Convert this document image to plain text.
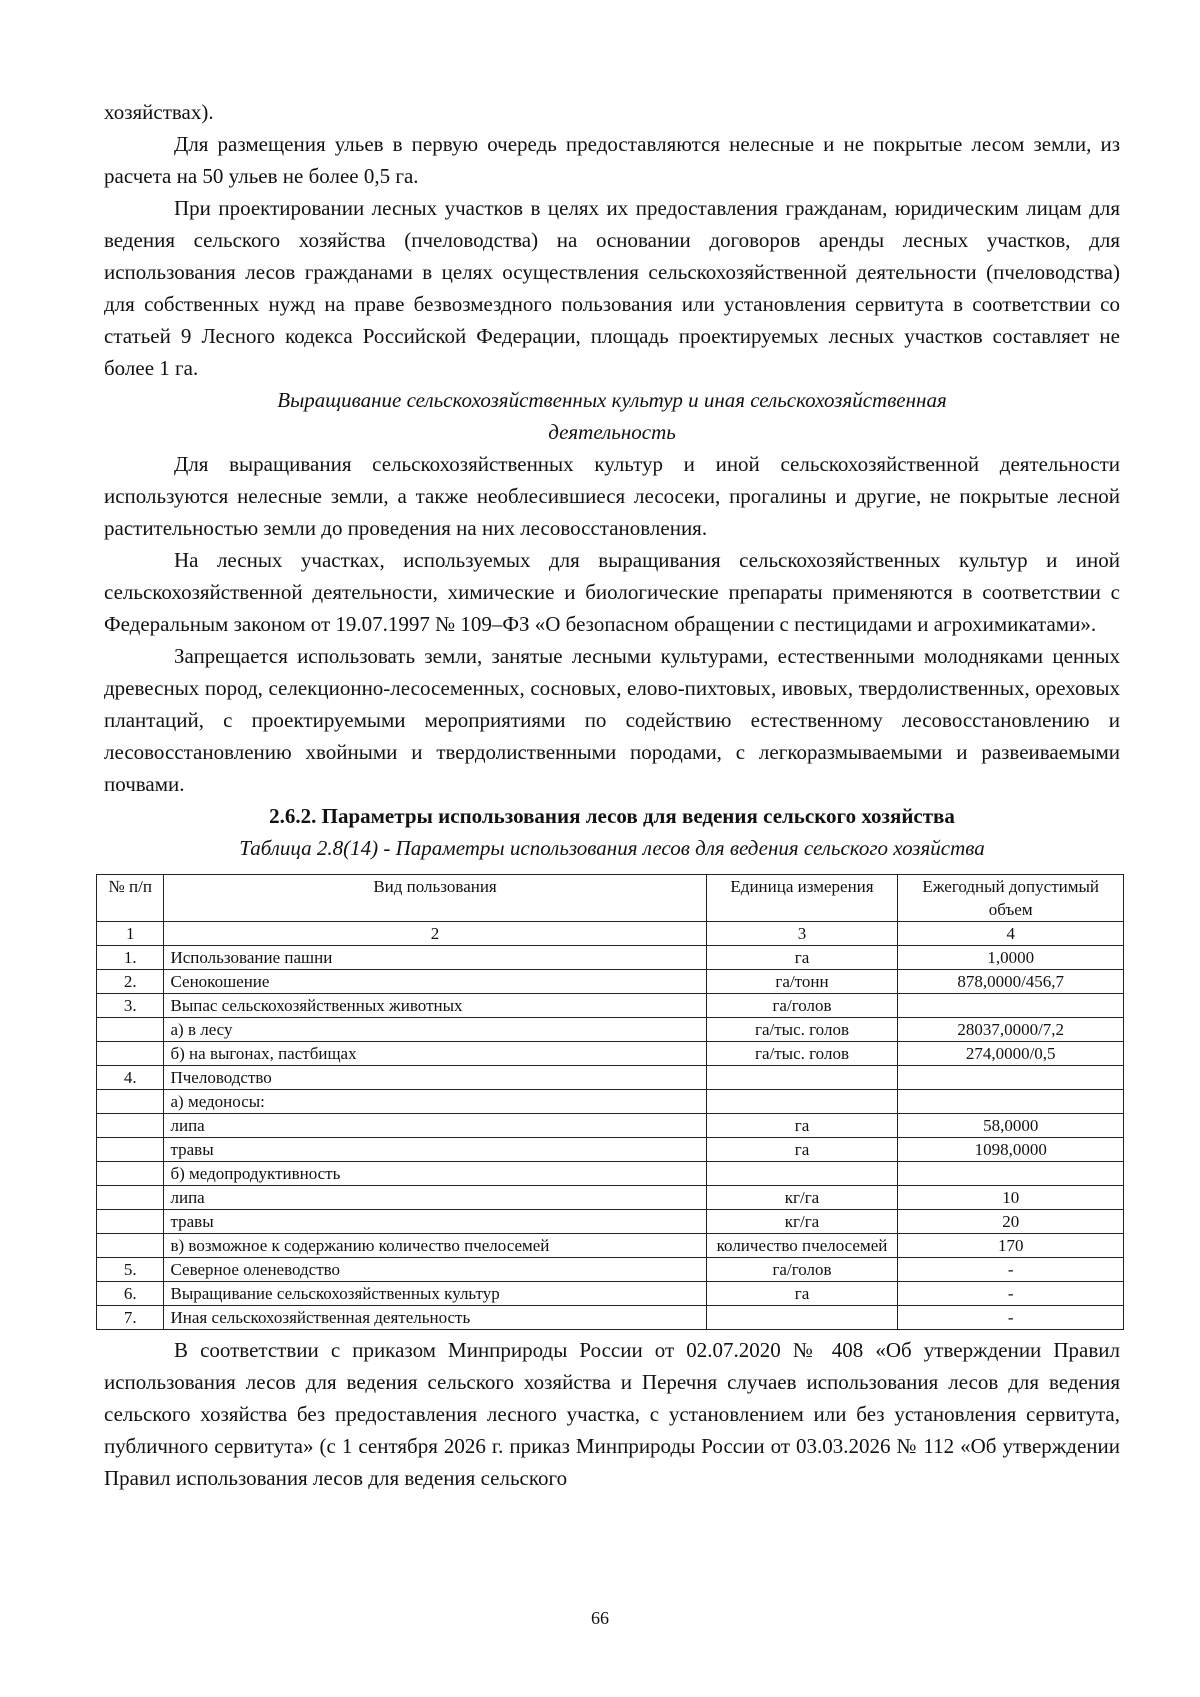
хозяйствах).

Для размещения ульев в первую очередь предоставляются нелесные и не покрытые лесом земли, из расчета на 50 ульев не более 0,5 га.

При проектировании лесных участков в целях их предоставления гражданам, юридическим лицам для ведения сельского хозяйства (пчеловодства) на основании договоров аренды лесных участков, для использования лесов гражданами в целях осуществления сельскохозяйственной деятельности (пчеловодства) для собственных нужд на праве безвозмездного пользования или установления сервитута в соответствии со статьей 9 Лесного кодекса Российской Федерации, площадь проектируемых лесных участков составляет не более 1 га.

Выращивание сельскохозяйственных культур и иная сельскохозяйственная

деятельность

Для выращивания сельскохозяйственных культур и иной сельскохозяйственной деятельности используются нелесные земли, а также необлесившиеся лесосеки, прогалины и другие, не покрытые лесной растительностью земли до проведения на них лесовосстановления.

На лесных участках, используемых для выращивания сельскохозяйственных культур и иной сельскохозяйственной деятельности, химические и биологические препараты применяются в соответствии с Федеральным законом от 19.07.1997 № 109–ФЗ «О безопасном обращении с пестицидами и агрохимикатами».

Запрещается использовать земли, занятые лесными культурами, естественными молодняками ценных древесных пород, селекционно-лесосеменных, сосновых, елово-пихтовых, ивовых, твердолиственных, ореховых плантаций, с проектируемыми мероприятиями по содействию естественному лесовосстановлению и лесовосстановлению хвойными и твердолиственными породами, с легкоразмываемыми и развеиваемыми почвами.

2.6.2. Параметры использования лесов для ведения сельского хозяйства

Таблица 2.8(14) - Параметры использования лесов для ведения сельского хозяйства

№ п/п	Вид пользования	Единица измерения	Ежегодный допустимый объем
1	2	3	4
1.	Использование пашни	га	1,0000
2.	Сенокошение	га/тонн	878,0000/456,7
3.	Выпас сельскохозяйственных животных	га/голов	
	а) в лесу	га/тыс. голов	28037,0000/7,2
	б) на выгонах, пастбищах	га/тыс. голов	274,0000/0,5
4.	Пчеловодство		
	а) медоносы:		
	липа	га	58,0000
	травы	га	1098,0000
	б) медопродуктивность		
	липа	кг/га	10
	травы	кг/га	20
	в) возможное к содержанию количество пчелосемей	количество пчелосемей	170
5.	Северное оленеводство	га/голов	-
6.	Выращивание сельскохозяйственных культур	га	-
7.	Иная сельскохозяйственная деятельность		-

В соответствии с приказом Минприроды России от 02.07.2020 № 408 «Об утверждении Правил использования лесов для ведения сельского хозяйства и Перечня случаев использования лесов для ведения сельского хозяйства без предоставления лесного участка, с установлением или без установления сервитута, публичного сервитута» (с 1 сентября 2026 г. приказ Минприроды России от 03.03.2026 № 112 «Об утверждении Правил использования лесов для ведения сельского

66
